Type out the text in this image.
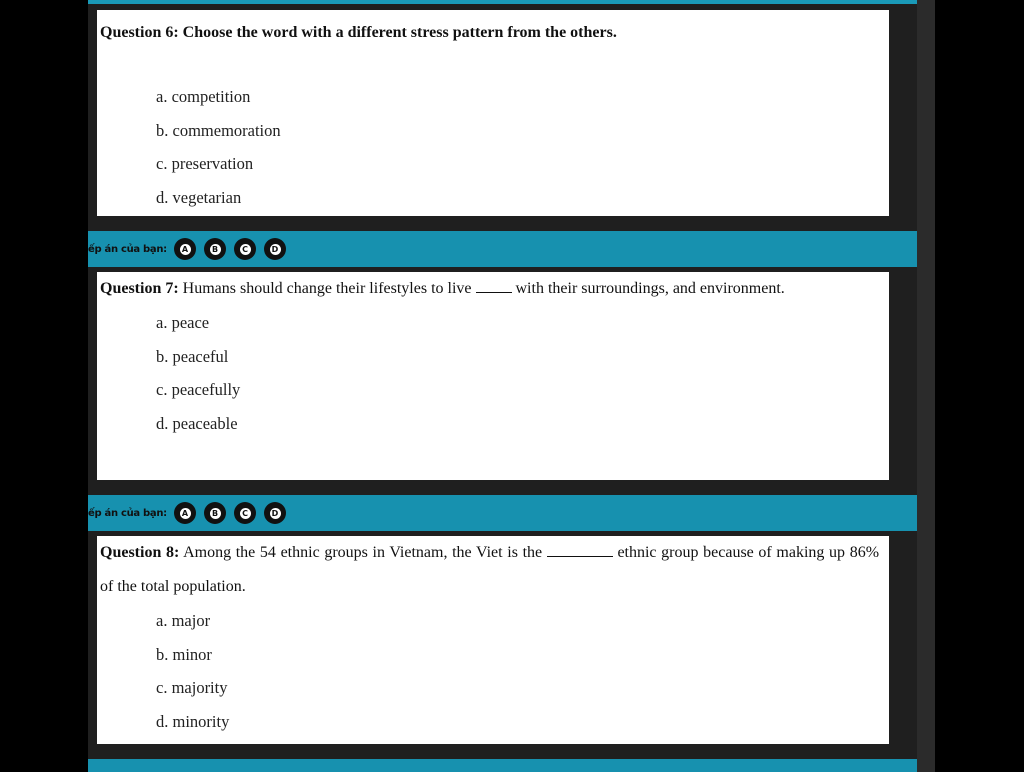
Question 6: Choose the word with a different stress pattern from the others.

a. competition
b. commemoration
c. preservation
d. vegetarian
ếp án của bạn:	A	B	C	D

Question 7: Humans should change their lifestyles to live	with their surroundings, and environment.

a. peace
b. peaceful
c. peacefully
d. peaceable
ếp án của bạn:	A	B	C	D

Question 8: Among the 54 ethnic groups in Vietnam, the Viet is the	ethnic group because of making up 86% of the total population.

a. major
b. minor
c. majority
d. minority
